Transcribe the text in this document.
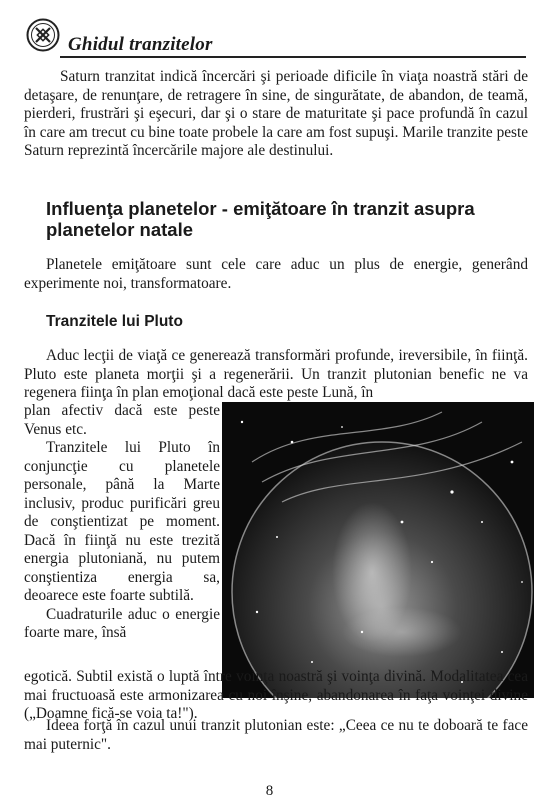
Ghidul tranzitelor
Saturn tranzitat indică încercări şi perioade dificile în viaţa noastră stări de detaşare, de renunţare, de retragere în sine, de singurătate, de abandon, de teamă, pierderi, frustrări şi eşecuri, dar şi o stare de maturitate şi pace profundă în cazul în care am trecut cu bine toate probele la care am fost supuşi. Marile tranzite peste Saturn reprezintă încercările majore ale destinului.
Influenţa planetelor - emiţătoare în tranzit asupra planetelor natale
Planetele emiţătoare sunt cele care aduc un plus de energie, generând experimente noi, transformatoare.
Tranzitele lui Pluto
Aduc lecţii de viaţă ce generează transformări profunde, ireversibile, în fiinţă. Pluto este planeta morţii şi a regenerării. Un tranzit plutonian benefic ne va regenera fiinţa în plan emoţional dacă este peste Lună, în
plan afectiv dacă este peste Venus etc.
Tranzitele lui Pluto în conjuncţie cu planetele personale, până la Marte inclusiv, produc purificări greu de conştientizat pe moment. Dacă în fiinţă nu este trezită energia plutoniană, nu putem conştientiza energia sa, deoarece este foarte subtilă.
Cuadraturile aduc o energie foarte mare, însă
egotică. Subtil există o luptă între voinţa noastră şi voinţa divină. Modalitatea cea mai fructuoasă este armonizarea cu noi înşine, abandonarea în faţa voinţei divine („Doamne fică-se voia ta!").
Ideea forţă în cazul unui tranzit plutonian este: „Ceea ce nu te doboară te face mai puternic".
8
